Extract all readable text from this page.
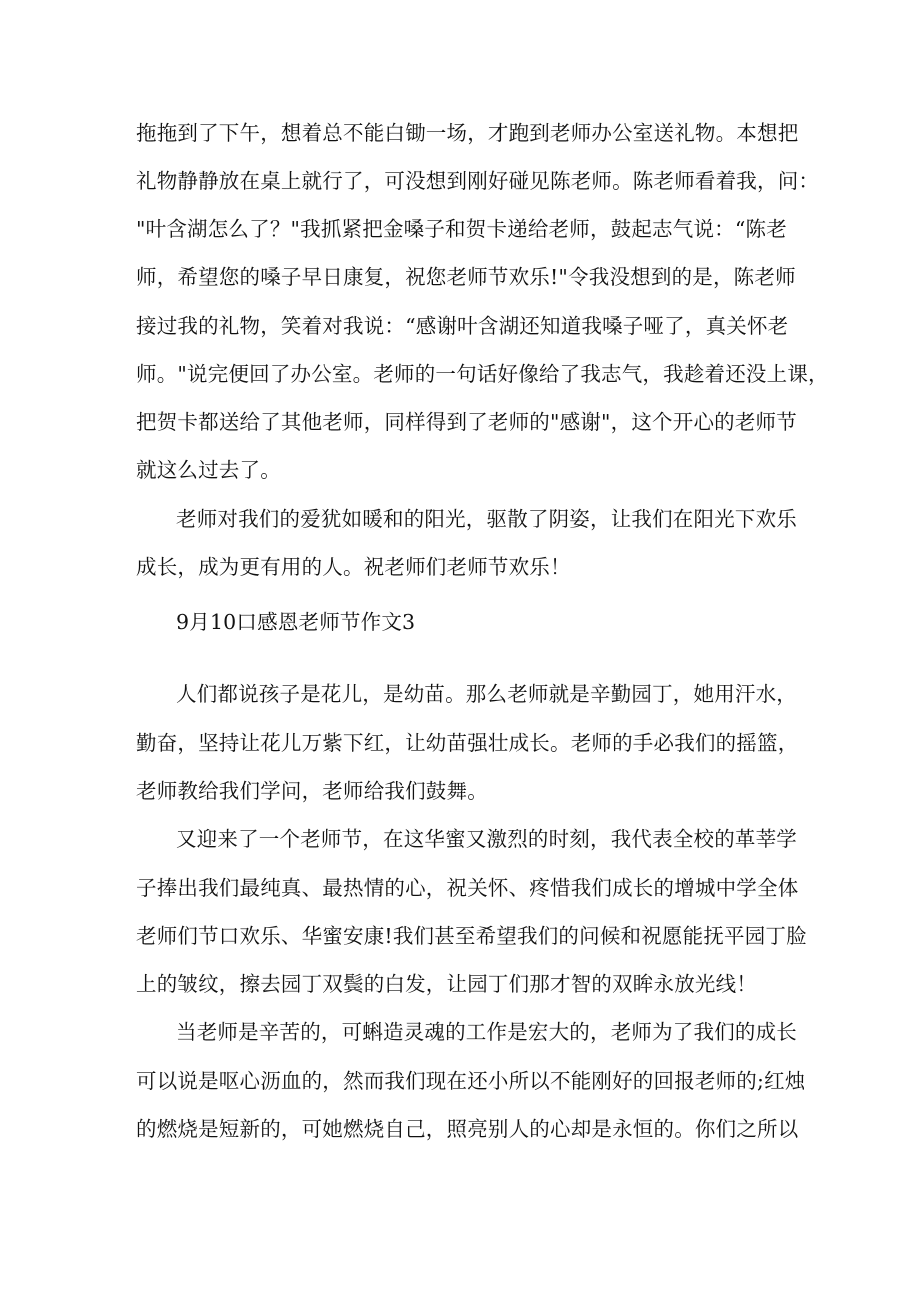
拖拖到了下午，想着总不能白锄一场，才跑到老师办公室送礼物。本想把
礼物静静放在桌上就行了，可没想到刚好碰见陈老师。陈老师看着我，问：
"叶含湖怎么了？"我抓紧把金嗓子和贺卡递给老师，鼓起志气说：“陈老
师，希望您的嗓子早日康复，祝您老师节欢乐!"令我没想到的是，陈老师
接过我的礼物，笑着对我说：“感谢叶含湖还知道我嗓子哑了，真关怀老
师。"说完便回了办公室。老师的一句话好像给了我志气，我趁着还没上课，
把贺卡都送给了其他老师，同样得到了老师的"感谢"，这个开心的老师节
就这么过去了。
老师对我们的爱犹如暖和的阳光，驱散了阴姿，让我们在阳光下欢乐
成长，成为更有用的人。祝老师们老师节欢乐！
9月10口感恩老师节作文3
人们都说孩子是花儿，是幼苗。那么老师就是辛勤园丁，她用汗水，
勤奋，坚持让花儿万紫下红，让幼苗强壮成长。老师的手必我们的摇篮，
老师教给我们学问，老师给我们鼓舞。
又迎来了一个老师节，在这华蜜又激烈的时刻，我代表全校的革莘学
子捧出我们最纯真、最热情的心，祝关怀、疼惜我们成长的增城中学全体
老师们节口欢乐、华蜜安康!我们甚至希望我们的问候和祝愿能抚平园丁脸
上的皱纹，擦去园丁双鬓的白发，让园丁们那才智的双眸永放光线！
当老师是辛苦的，可蝌造灵魂的工作是宏大的，老师为了我们的成长
可以说是呕心沥血的，然而我们现在还小所以不能刚好的回报老师的;红烛
的燃烧是短新的，可她燃烧自己，照亮别人的心却是永恒的。你们之所以
